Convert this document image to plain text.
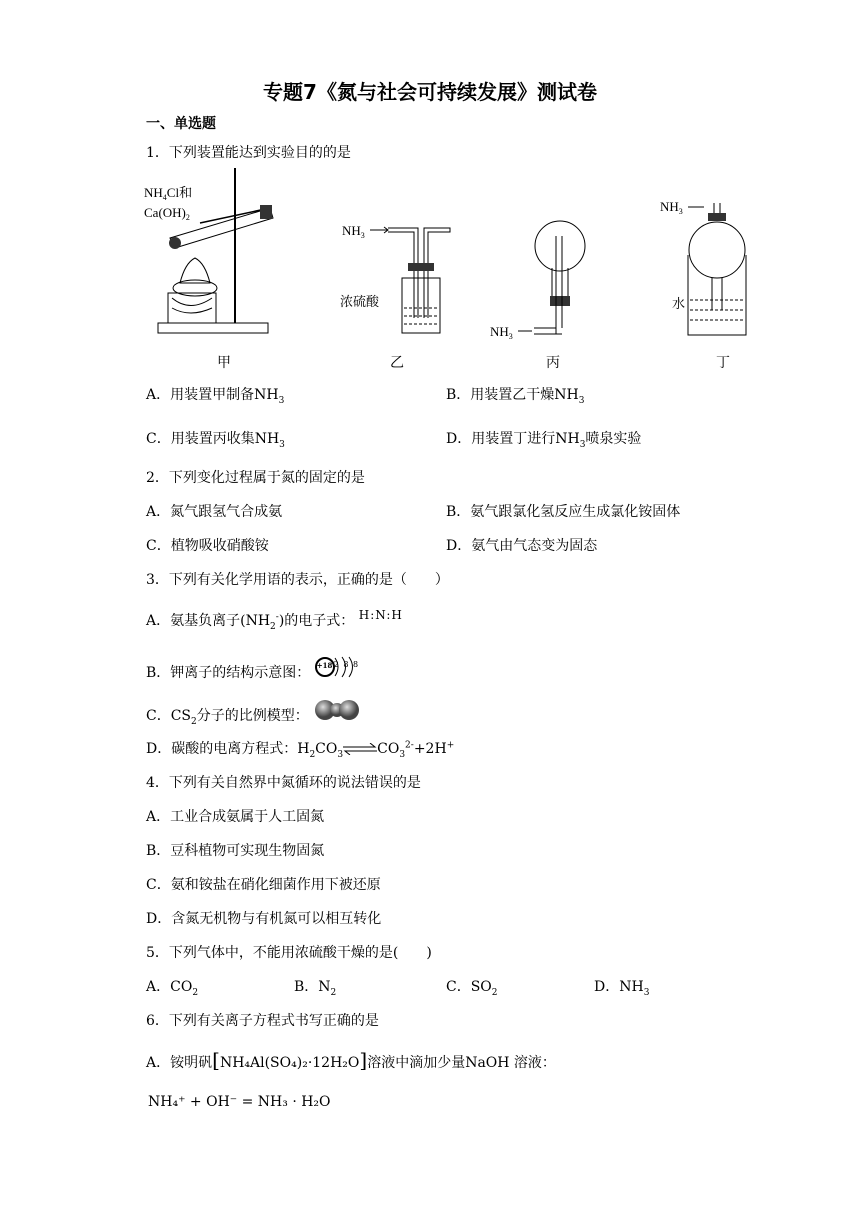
专题7《氮与社会可持续发展》测试卷
一、单选题
1．下列装置能达到实验目的的是
$NH_4Cl$和
$Ca(OH)_2$
甲
$NH_3$
浓硫酸
乙
$NH_3$
丙
$NH_3$
水
丁
A．用装置甲制备$NH_3$	B．用装置乙干燥$NH_3$
C．用装置丙收集$NH_3$	D．用装置丁进行$NH_3$喷泉实验
2．下列变化过程属于氮的固定的是
A．氮气跟氢气合成氨	B．氨气跟氯化氢反应生成氯化铵固体
C．植物吸收硝酸铵	D．氨气由气态变为固态
3．下列有关化学用语的表示，正确的是（　　）
A．氨基负离子$(NH_2^-)$的电子式： H:N:H
B．钾离子的结构示意图： +18 2 8 8
C．$CS_2$分子的比例模型：
D．碳酸的电离方程式：$H_2CO_3\rightleftharpoons CO_3^{2-}+2H^+$
4．下列有关自然界中氮循环的说法错误的是
A．工业合成氨属于人工固氮
B．豆科植物可实现生物固氮
C．氨和铵盐在硝化细菌作用下被还原
D．含氮无机物与有机氮可以相互转化
5．下列气体中，不能用浓硫酸干燥的是(　　)
A．$CO_2$	B．$N_2$	C．$SO_2$	D．$NH_3$
6．下列有关离子方程式书写正确的是
A．铵明矾[NH₄Al(SO₄)₂·12H₂O]溶液中滴加少量NaOH 溶液：
NH₄⁺ + OH⁻ = NH₃ · H₂O
